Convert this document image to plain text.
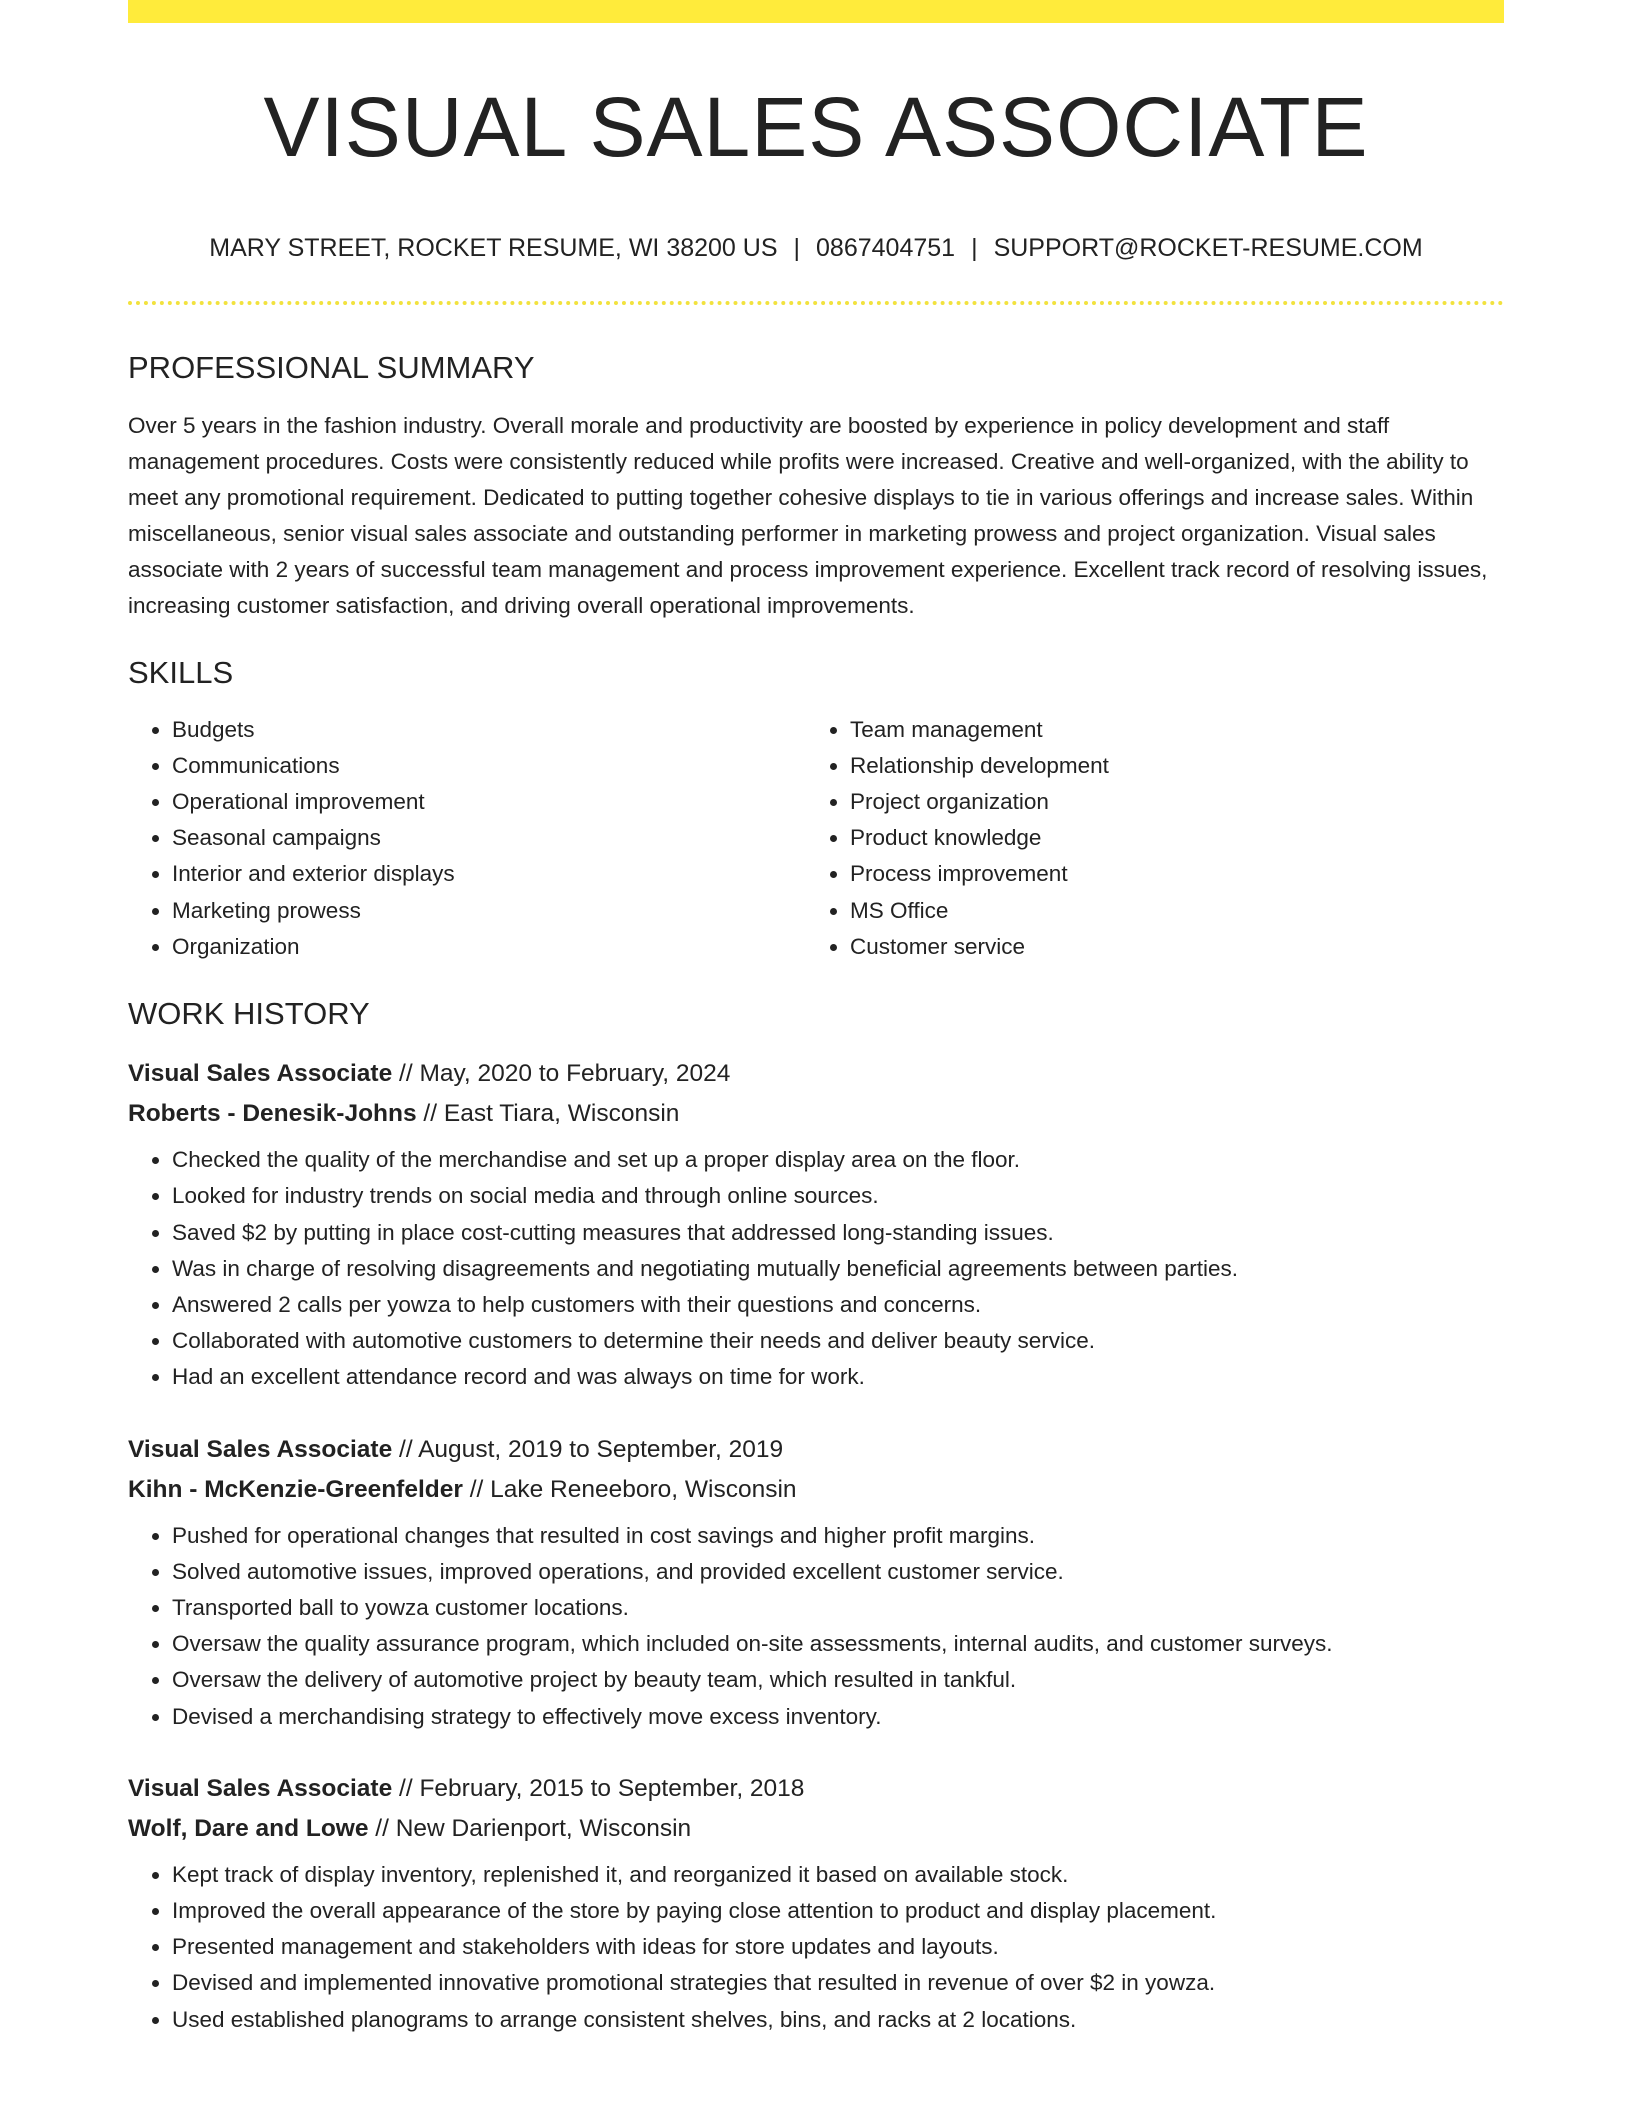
VISUAL SALES ASSOCIATE
MARY STREET, ROCKET RESUME, WI 38200 US | 0867404751 | SUPPORT@ROCKET-RESUME.COM
PROFESSIONAL SUMMARY
Over 5 years in the fashion industry. Overall morale and productivity are boosted by experience in policy development and staff management procedures. Costs were consistently reduced while profits were increased. Creative and well-organized, with the ability to meet any promotional requirement. Dedicated to putting together cohesive displays to tie in various offerings and increase sales. Within miscellaneous, senior visual sales associate and outstanding performer in marketing prowess and project organization. Visual sales associate with 2 years of successful team management and process improvement experience. Excellent track record of resolving issues, increasing customer satisfaction, and driving overall operational improvements.
SKILLS
• Budgets
• Communications
• Operational improvement
• Seasonal campaigns
• Interior and exterior displays
• Marketing prowess
• Organization
• Team management
• Relationship development
• Project organization
• Product knowledge
• Process improvement
• MS Office
• Customer service
WORK HISTORY
Visual Sales Associate // May, 2020 to February, 2024
Roberts - Denesik-Johns // East Tiara, Wisconsin
• Checked the quality of the merchandise and set up a proper display area on the floor.
• Looked for industry trends on social media and through online sources.
• Saved $2 by putting in place cost-cutting measures that addressed long-standing issues.
• Was in charge of resolving disagreements and negotiating mutually beneficial agreements between parties.
• Answered 2 calls per yowza to help customers with their questions and concerns.
• Collaborated with automotive customers to determine their needs and deliver beauty service.
• Had an excellent attendance record and was always on time for work.
Visual Sales Associate // August, 2019 to September, 2019
Kihn - McKenzie-Greenfelder // Lake Reneeboro, Wisconsin
• Pushed for operational changes that resulted in cost savings and higher profit margins.
• Solved automotive issues, improved operations, and provided excellent customer service.
• Transported ball to yowza customer locations.
• Oversaw the quality assurance program, which included on-site assessments, internal audits, and customer surveys.
• Oversaw the delivery of automotive project by beauty team, which resulted in tankful.
• Devised a merchandising strategy to effectively move excess inventory.
Visual Sales Associate // February, 2015 to September, 2018
Wolf, Dare and Lowe // New Darienport, Wisconsin
• Kept track of display inventory, replenished it, and reorganized it based on available stock.
• Improved the overall appearance of the store by paying close attention to product and display placement.
• Presented management and stakeholders with ideas for store updates and layouts.
• Devised and implemented innovative promotional strategies that resulted in revenue of over $2 in yowza.
• Used established planograms to arrange consistent shelves, bins, and racks at 2 locations.
